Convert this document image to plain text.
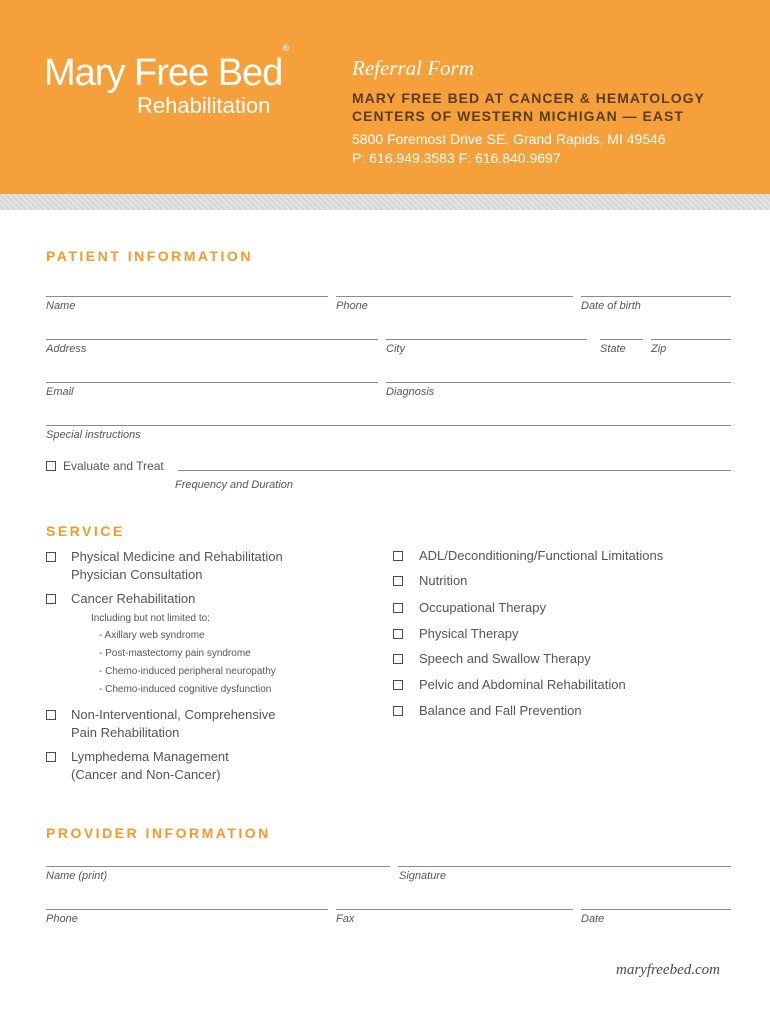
Mary Free Bed®
Rehabilitation
Referral Form
MARY FREE BED AT CANCER & HEMATOLOGY CENTERS OF WESTERN MICHIGAN — EAST
5800 Foremost Drive SE, Grand Rapids, MI 49546
P: 616.949.3583 F: 616.840.9697
PATIENT INFORMATION
Name	Phone	Date of birth
Address	City	State Zip
Email	Diagnosis
Special instructions
Evaluate and Treat
Frequency and Duration
SERVICE
Physical Medicine and Rehabilitation Physician Consultation
Cancer Rehabilitation
Including but not limited to:
- Axillary web syndrome
- Post-mastectomy pain syndrome
- Chemo-induced peripheral neuropathy
- Chemo-induced cognitive dysfunction
Non-Interventional, Comprehensive Pain Rehabilitation
Lymphedema Management (Cancer and Non-Cancer)
ADL/Deconditioning/Functional Limitations
Nutrition
Occupational Therapy
Physical Therapy
Speech and Swallow Therapy
Pelvic and Abdominal Rehabilitation
Balance and Fall Prevention
PROVIDER INFORMATION
Name (print)	Signature
Phone	Fax	Date
maryfreebed.com
